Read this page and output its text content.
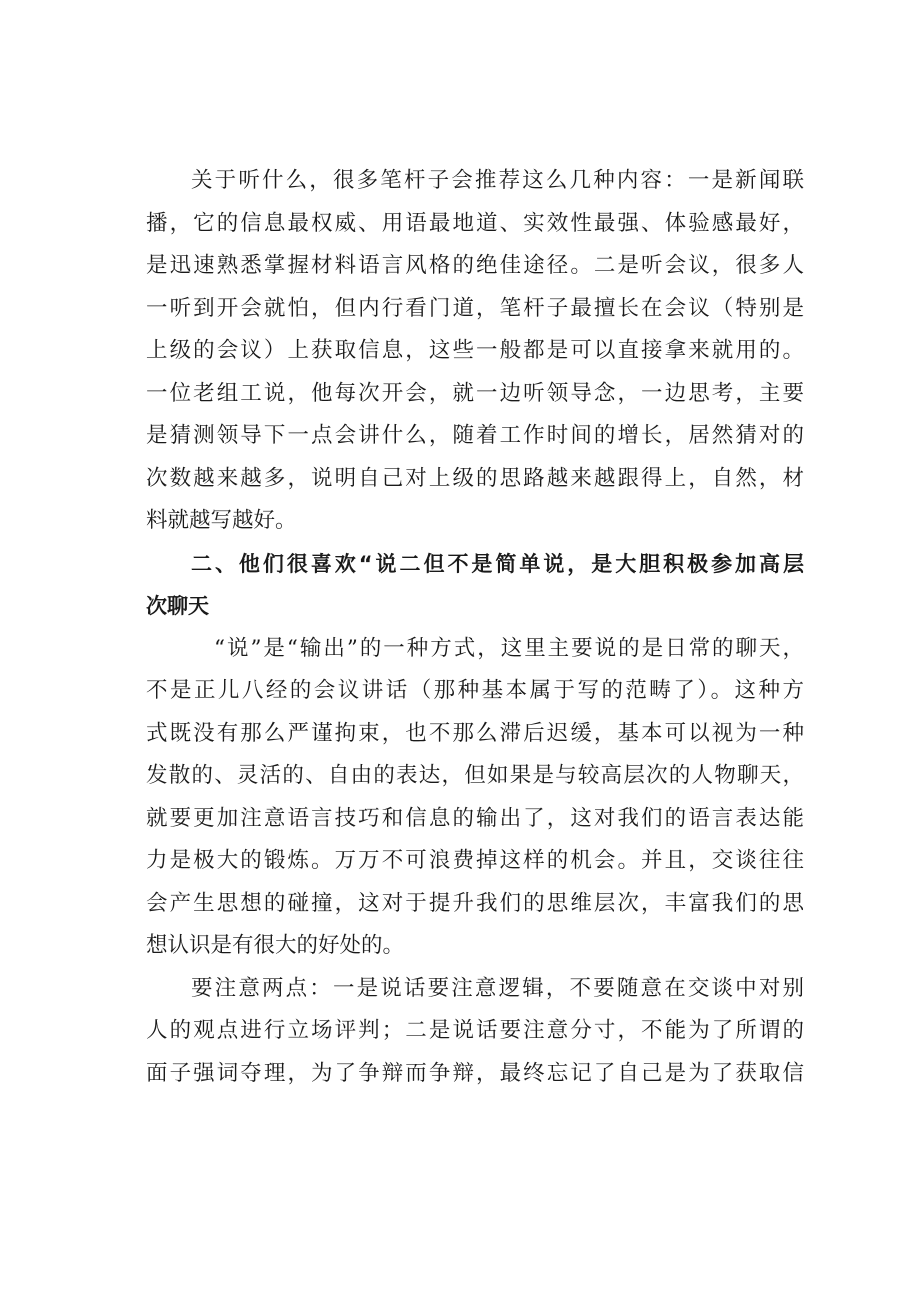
关于听什么，很多笔杆子会推荐这么几种内容：一是新闻联
播，它的信息最权威、用语最地道、实效性最强、体验感最好，
是迅速熟悉掌握材料语言风格的绝佳途径。二是听会议，很多人
一听到开会就怕，但内行看门道，笔杆子最擅长在会议（特别是
上级的会议）上获取信息，这些一般都是可以直接拿来就用的。
一位老组工说，他每次开会，就一边听领导念，一边思考，主要
是猜测领导下一点会讲什么，随着工作时间的增长，居然猜对的
次数越来越多，说明自己对上级的思路越来越跟得上，自然，材
料就越写越好。
二、他们很喜欢“说二但不是简单说，是大胆积极参加高层
次聊天
“说”是“输出”的一种方式，这里主要说的是日常的聊天，
不是正儿八经的会议讲话（那种基本属于写的范畴了）。这种方
式既没有那么严谨拘束，也不那么滞后迟缓，基本可以视为一种
发散的、灵活的、自由的表达，但如果是与较高层次的人物聊天，
就要更加注意语言技巧和信息的输出了，这对我们的语言表达能
力是极大的锻炼。万万不可浪费掉这样的机会。并且，交谈往往
会产生思想的碰撞，这对于提升我们的思维层次，丰富我们的思
想认识是有很大的好处的。
要注意两点：一是说话要注意逻辑，不要随意在交谈中对别
人的观点进行立场评判；二是说话要注意分寸，不能为了所谓的
面子强词夺理，为了争辩而争辩，最终忘记了自己是为了获取信
